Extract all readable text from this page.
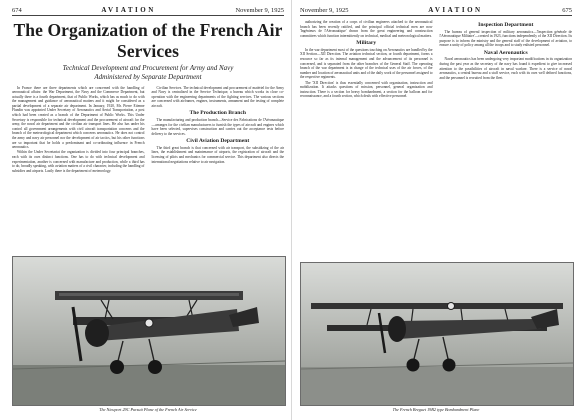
674	AVIATION	November 9, 1925
The Organization of the French Air Services
Technical Development and Procurement for Army and Navy
Administered by Separate Department

In France there are three departments which are concerned with the handling of aeronautical affairs: the War Department, the Navy and the Commerce Department, but actually there is a fourth department, that of Public Works, which has as much to do with the management and guidance of aeronautical matters and it might be considered as a partial development of a separate air department. In January, 1920, Mr. Pierre Etienne Flandin was appointed Under Secretary of Aeronautics and Aerial Transportation, a post which had been created as a branch of the Department of Public Works. This Under Secretary is responsible for technical development and the procurement of aircraft for the army, the naval air department and the civilian air transport lines. He also has under his control all government arrangements with civil aircraft transportation concerns and the branch of the meteorological department which concerns aeronautics. He does not control the army and navy air personnel nor the development of air tactics, but his other functions are so important that he holds a predominant and co-ordinating influence in French aeronautics.

Within the Under Secretariat the organization is divided into four principal branches, each with its own distinct functions. One has to do with technical development and experimentation, another is concerned with manufacture and production, while a third has to do, broadly speaking, with aviation matters of a civil character, including the handling of subsidies and airports. Lastly there is the department of meteorology.

Civilian Services. The technical development and procurement of matériel for the Army and Navy is centralized in the Service Technique, a bureau which works in close co-operation with the engineering departments of the fighting services. The various sections are concerned with airframes, engines, instruments, armament and the testing of complete aircraft.

The Production Branch

The manufacturing and production branch—Service des Fabrications de l'Aéronautique—arranges for the civilian manufacturers to furnish the types of aircraft and engines which have been selected, supervises construction and carries out the acceptance tests before delivery to the services.

Civil Aviation Department

The third great branch is that concerned with air transport, the subsidizing of the air lines, the establishment and maintenance of airports, the registration of aircraft and the licensing of pilots and mechanics for commercial service. This department also directs the international negotiations relative to air navigation.

The Nieuport 29C Pursuit Plane of the French Air Service
November 9, 1925	AVIATION	675

authorizing the creation of a corps of civilian engineers attached to the aeronautical branch has been recently ratified, and the principal official technical men are now 'Ingénieurs de l'Aéronautique' drawn from the great engineering and construction committees which function intermittently on technical, medical and meteorological matters.

Military

In the war department most of the questions touching on Aeronautics are handled by the XII Section—XII Direction. The aviation technical section, or fourth department, forms a resource so far as its internal management and the advancement of its personnel is concerned, and is separated from the other branches of the General Staff. The operating branch of the war department is in charge of the technical uses of the air forces, of the number and location of aeronautical units and of the daily work of the personnel assigned to the respective regiments.

The 'XII Direction' is thus essentially concerned with organization, instruction and mobilization. It attacks questions of mission, personnel, general organization and instruction. There is a section for heavy bombardment, a section for the balloon and for reconnaissance, and a fourth section, which deals with effective personnel.

Inspection Department

The bureau of general inspection of military aeronautics—'Inspection générale de l'Aéronautique Militaire'—created in 1923, functions independently of the XII Direction. Its purpose is to inform the ministry and the general staff of the development of aviation, to ensure a unity of policy among all the troops and to study enlisted personnel.

Naval Aeronautics

Naval aeronautics has been undergoing very important modifications in its organization during the past year as the secretary of the navy has found it expedient to give increased attention to the possibilities of aircraft in naval warfare. There is a service of naval aeronautics, a central bureau and a staff service, each with its own well defined functions, and the personnel is recruited from the fleet.

The French Breguet 19B2 type Bombardment Plane
